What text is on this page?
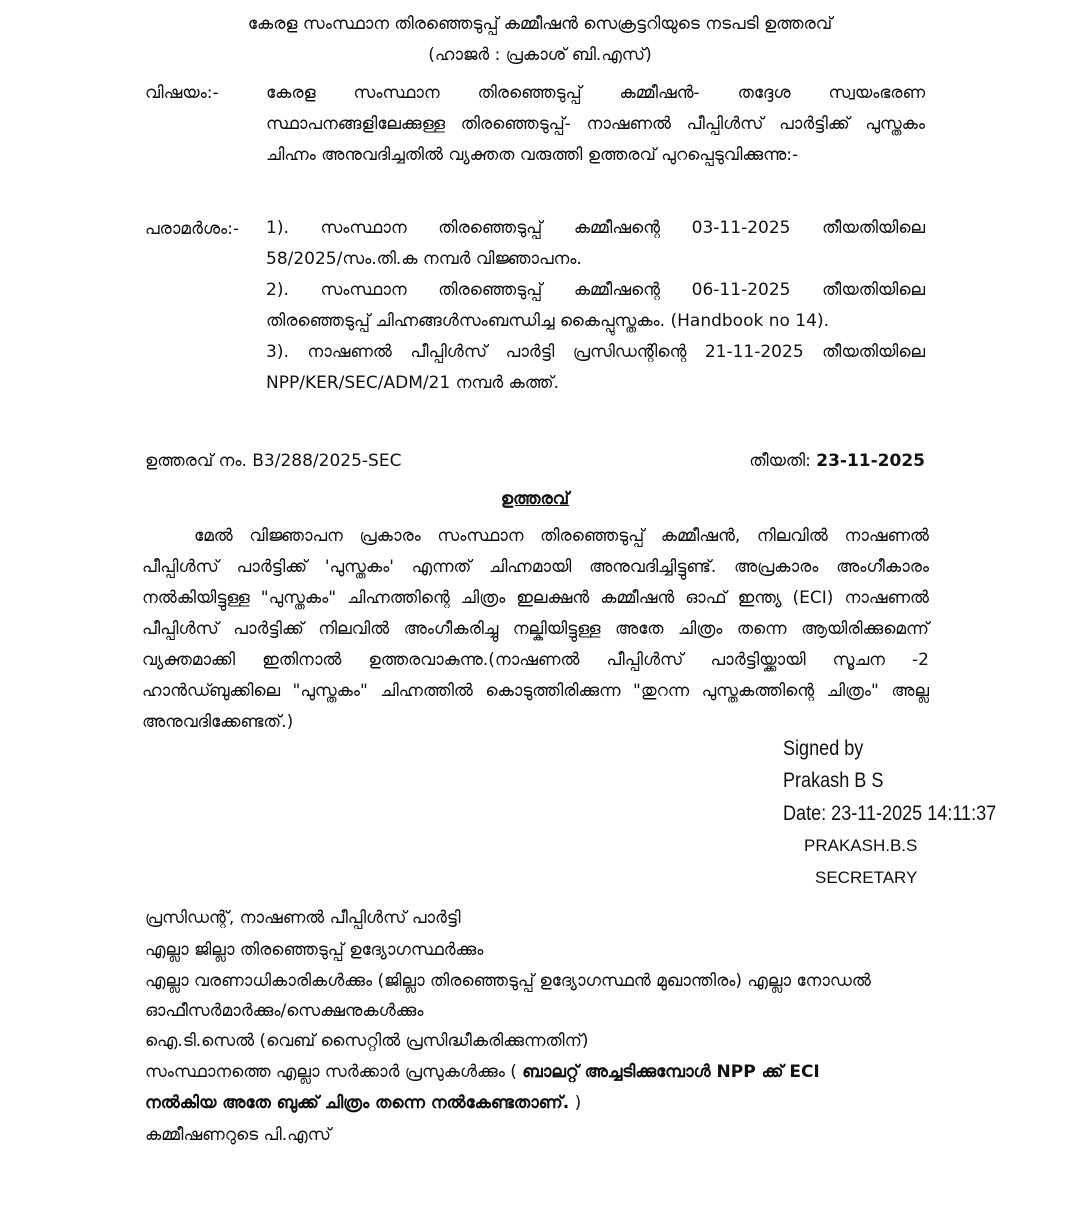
കേരള സംസ്ഥാന തിരഞ്ഞെടുപ്പ് കമ്മീഷൻ സെക്രട്ടറിയുടെ നടപടി ഉത്തരവ്
(ഹാജർ : പ്രകാശ് ബി.എസ്)
വിഷയം:-	കേരള സംസ്ഥാന തിരഞ്ഞെടുപ്പ് കമ്മീഷൻ- തദ്ദേശ സ്വയംഭരണ
സ്ഥാപനങ്ങളിലേക്കുള്ള തിരഞ്ഞെടുപ്പ്- നാഷണൽ പീപ്പിൾസ് പാർട്ടിക്ക് പുസ്തകം
ചിഹ്നം അനുവദിച്ചതിൽ വ്യക്തത വരുത്തി ഉത്തരവ് പുറപ്പെടുവിക്കുന്നു:-
പരാമർശം:- 1). സംസ്ഥാന തിരഞ്ഞെടുപ്പ് കമ്മീഷന്റെ 03-11-2025 തീയതിയിലെ
58/2025/സം.തി.ക നമ്പർ വിജ്ഞാപനം.
2). സംസ്ഥാന തിരഞ്ഞെടുപ്പ് കമ്മീഷന്റെ 06-11-2025 തീയതിയിലെ
തിരഞ്ഞെടുപ്പ് ചിഹ്നങ്ങൾസംബന്ധിച്ച കൈപ്പുസ്തകം. (Handbook no 14).
3). നാഷണൽ പീപ്പിൾസ് പാർട്ടി പ്രസിഡന്റിന്റെ 21-11-2025 തീയതിയിലെ
NPP/KER/SEC/ADM/21 നമ്പർ കത്ത്.
ഉത്തരവ് നം. B3/288/2025-SEC	തീയതി: 23-11-2025
ഉത്തരവ്
മേൽ വിജ്ഞാപന പ്രകാരം സംസ്ഥാന തിരഞ്ഞെടുപ്പ് കമ്മീഷൻ, നിലവിൽ നാഷണൽ
പീപ്പിൾസ് പാർട്ടിക്ക് 'പുസ്തകം' എന്നത് ചിഹ്നമായി അനുവദിച്ചിട്ടുണ്ട്. അപ്രകാരം അംഗീകാരം
നൽകിയിട്ടുള്ള "പുസ്തകം" ചിഹ്നത്തിന്റെ ചിത്രം ഇലക്ഷൻ കമ്മീഷൻ ഓഫ് ഇന്ത്യ (ECI) നാഷണൽ
പീപ്പിൾസ് പാർട്ടിക്ക് നിലവിൽ അംഗീകരിച്ചു നല്കിയിട്ടുള്ള അതേ ചിത്രം തന്നെ ആയിരിക്കുമെന്ന്
വ്യക്തമാക്കി ഇതിനാൽ ഉത്തരവാകുന്നു.(നാഷണൽ പീപ്പിൾസ് പാർട്ടിയ്ക്കായി സൂചന -2
ഹാൻഡ്ബുക്കിലെ "പുസ്തകം" ചിഹ്നത്തിൽ കൊടുത്തിരിക്കുന്ന "തുറന്ന പുസ്തകത്തിന്റെ ചിത്രം" അല്ല
അനുവദിക്കേണ്ടത്.)
Signed by
Prakash B S
Date: 23-11-2025 14:11:37
PRAKASH.B.S
SECRETARY
പ്രസിഡന്റ്, നാഷണൽ പീപ്പിൾസ് പാർട്ടി
എല്ലാ ജില്ലാ തിരഞ്ഞെടുപ്പ് ഉദ്യോഗസ്ഥർക്കും
എല്ലാ വരണാധികാരികൾക്കും (ജില്ലാ തിരഞ്ഞെടുപ്പ് ഉദ്യോഗസ്ഥൻ മുഖാന്തിരം) എല്ലാ നോഡൽ
ഓഫീസർമാർക്കും/സെക്ഷനുകൾക്കും
ഐ.ടി.സെൽ (വെബ് സൈറ്റിൽ പ്രസിദ്ധീകരിക്കുന്നതിന്)
സംസ്ഥാനത്തെ എല്ലാ സർക്കാർ പ്രസുകൾക്കും ( ബാലറ്റ് അച്ചടിക്കുമ്പോൾ NPP ക്ക് ECI
നൽകിയ അതേ ബുക്ക് ചിത്രം തന്നെ നൽകേണ്ടതാണ്. )
കമ്മീഷണറുടെ പി.എസ്
